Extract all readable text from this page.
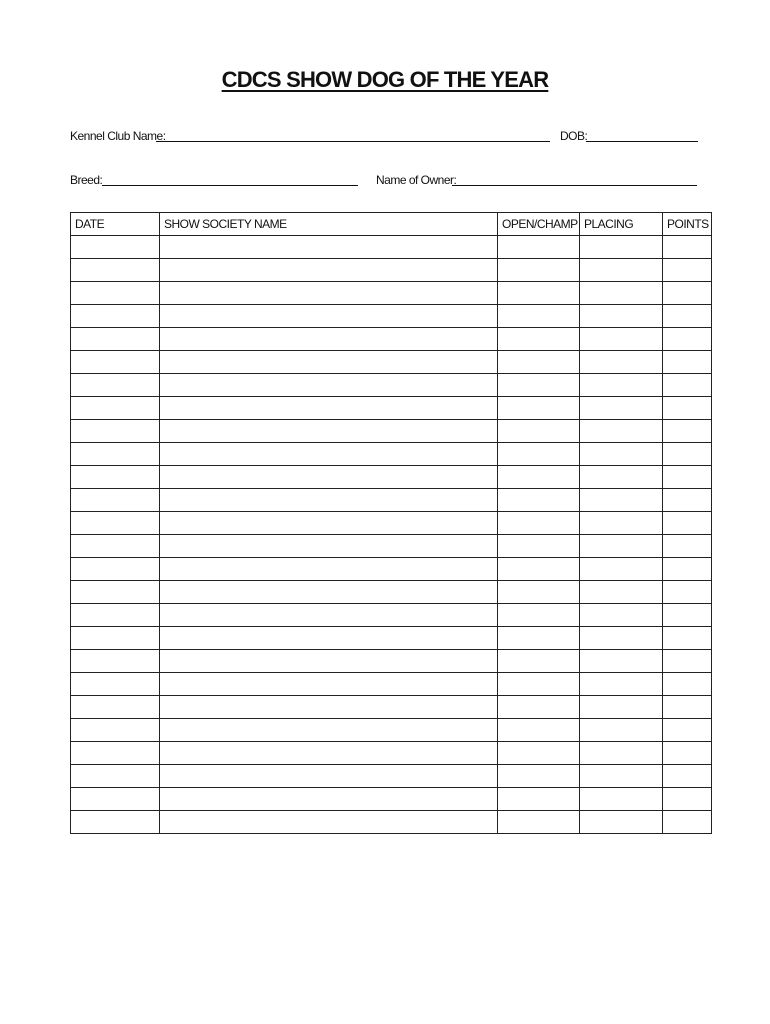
CDCS SHOW DOG OF THE YEAR
Kennel Club Name:	DOB:
Breed:	Name of Owner:
DATE	SHOW SOCIETY NAME	OPEN/CHAMP	PLACING	POINTS
